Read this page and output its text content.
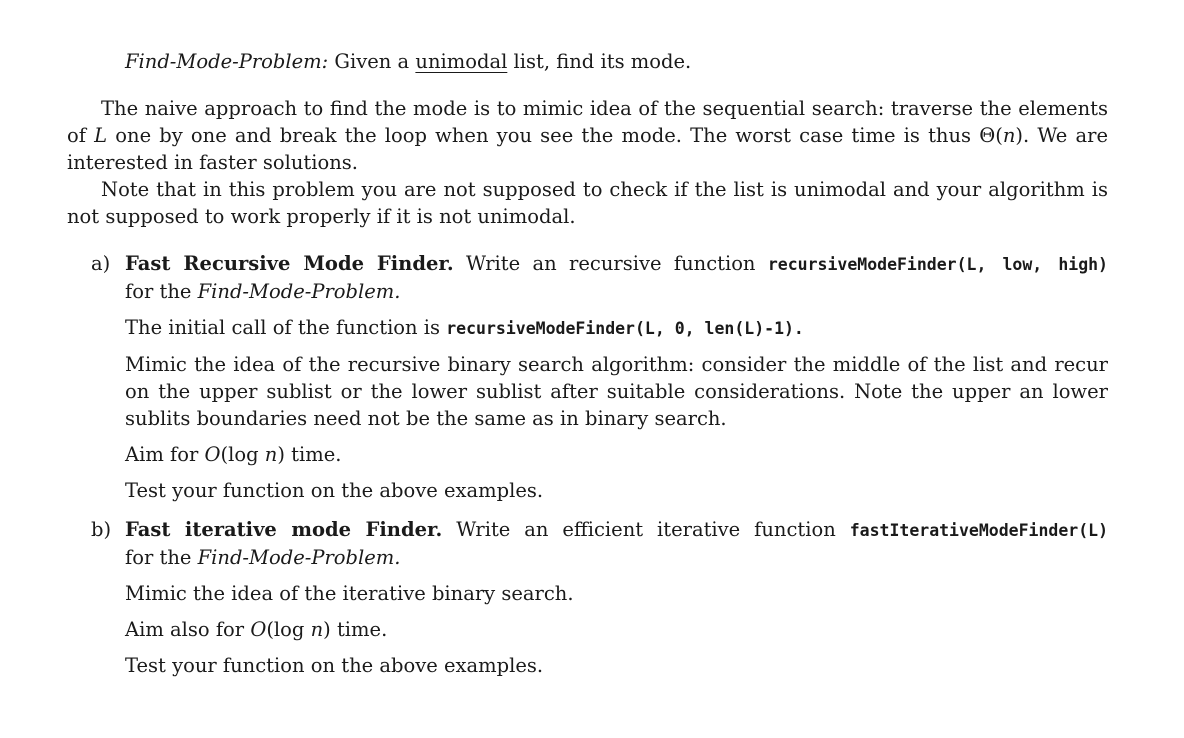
Find-Mode-Problem: Given a unimodal list, find its mode.

The naive approach to find the mode is to mimic idea of the sequential search: traverse the elements of L one by one and break the loop when you see the mode. The worst case time is thus Θ(n). We are interested in faster solutions.

Note that in this problem you are not supposed to check if the list is unimodal and your algorithm is not supposed to work properly if it is not unimodal.

a) Fast Recursive Mode Finder. Write an recursive function recursiveModeFinder(L, low, high)

for the Find-Mode-Problem.

The initial call of the function is recursiveModeFinder(L, 0, len(L)-1).

Mimic the idea of the recursive binary search algorithm: consider the middle of the list and recur on the upper sublist or the lower sublist after suitable considerations. Note the upper an lower sublits boundaries need not be the same as in binary search.

Aim for O(log n) time.

Test your function on the above examples.

b) Fast iterative mode Finder. Write an efficient iterative function fastIterativeModeFinder(L)

for the Find-Mode-Problem.

Mimic the idea of the iterative binary search.

Aim also for O(log n) time.

Test your function on the above examples.
